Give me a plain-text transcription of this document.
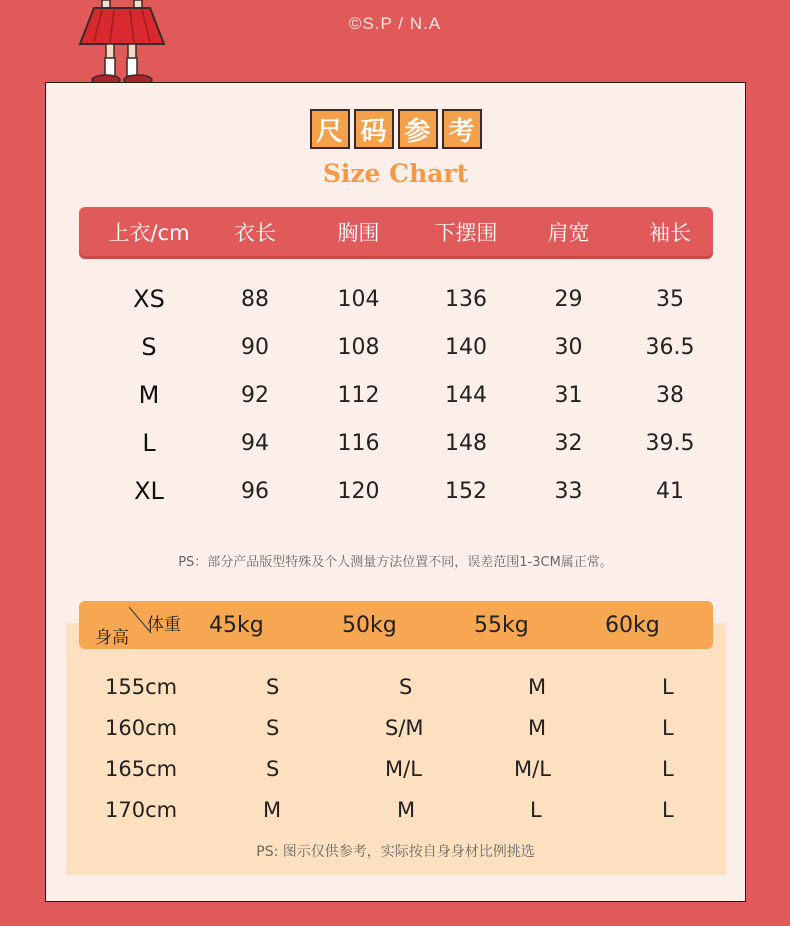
©S.P / N.A
尺 码 参 考
Size Chart
上衣/cm	衣长	胸围	下摆围	肩宽	袖长
XS	88	104	136	29	35
S	90	108	140	30	36.5
M	92	112	144	31	38
L	94	116	148	32	39.5
XL	96	120	152	33	41
PS：部分产品版型特殊及个人测量方法位置不同，误差范围1-3CM属正常。
身高
体重 45kg	50kg	55kg	60kg
155cm	S	S	M	L
160cm	S	S/M	M	L
165cm	S	M/L	M/L	L
170cm	M	M	L	L
PS: 图示仅供参考，实际按自身身材比例挑选
